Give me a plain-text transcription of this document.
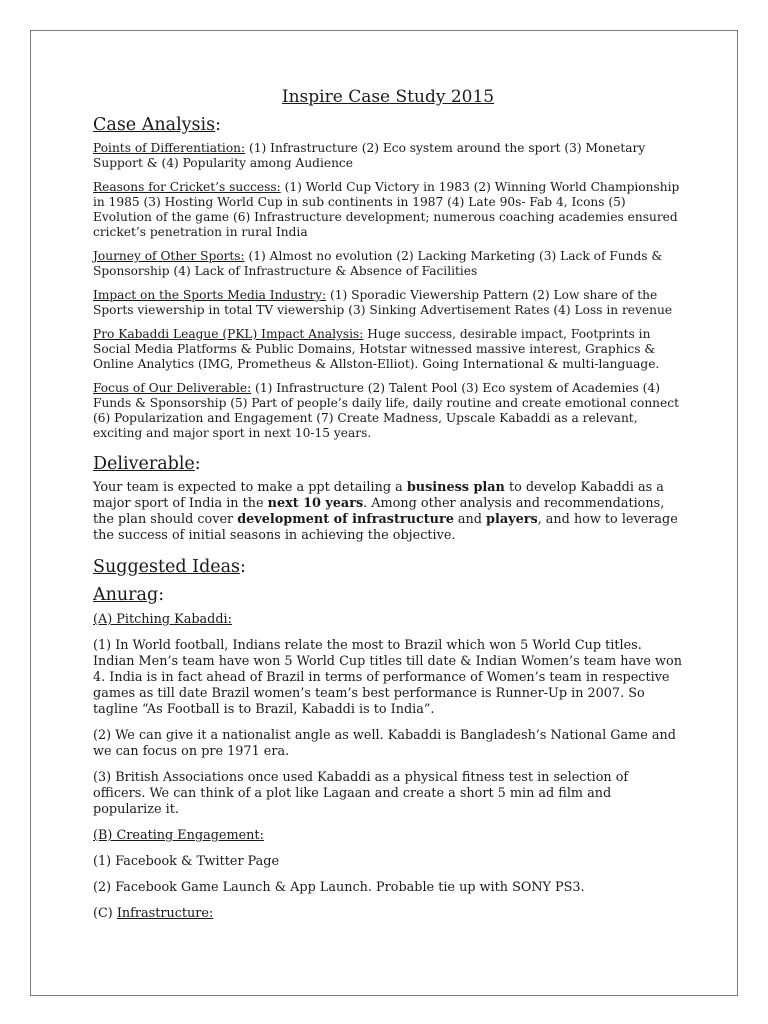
Inspire Case Study 2015
Case Analysis:

Points of Differentiation: (1) Infrastructure (2) Eco system around the sport (3) Monetary Support & (4) Popularity among Audience

Reasons for Cricket’s success: (1) World Cup Victory in 1983 (2) Winning World Championship in 1985 (3) Hosting World Cup in sub continents in 1987 (4) Late 90s- Fab 4, Icons (5) Evolution of the game (6) Infrastructure development; numerous coaching academies ensured cricket’s penetration in rural India

Journey of Other Sports: (1) Almost no evolution (2) Lacking Marketing (3) Lack of Funds & Sponsorship (4) Lack of Infrastructure & Absence of Facilities

Impact on the Sports Media Industry: (1) Sporadic Viewership Pattern (2) Low share of the Sports viewership in total TV viewership (3) Sinking Advertisement Rates (4) Loss in revenue

Pro Kabaddi League (PKL) Impact Analysis: Huge success, desirable impact, Footprints in Social Media Platforms & Public Domains, Hotstar witnessed massive interest, Graphics & Online Analytics (IMG, Prometheus & Allston-Elliot). Going International & multi-language.

Focus of Our Deliverable: (1) Infrastructure (2) Talent Pool (3) Eco system of Academies (4) Funds & Sponsorship (5) Part of people’s daily life, daily routine and create emotional connect (6) Popularization and Engagement (7) Create Madness, Upscale Kabaddi as a relevant, exciting and major sport in next 10-15 years.

Deliverable:

Your team is expected to make a ppt detailing a business plan to develop Kabaddi as a major sport of India in the next 10 years. Among other analysis and recommendations, the plan should cover development of infrastructure and players, and how to leverage the success of initial seasons in achieving the objective.

Suggested Ideas:
Anurag:

(A) Pitching Kabaddi:

(1) In World football, Indians relate the most to Brazil which won 5 World Cup titles. Indian Men’s team have won 5 World Cup titles till date & Indian Women’s team have won 4. India is in fact ahead of Brazil in terms of performance of Women’s team in respective games as till date Brazil women’s team’s best performance is Runner-Up in 2007. So tagline “As Football is to Brazil, Kabaddi is to India”.

(2) We can give it a nationalist angle as well. Kabaddi is Bangladesh’s National Game and we can focus on pre 1971 era.

(3) British Associations once used Kabaddi as a physical fitness test in selection of officers. We can think of a plot like Lagaan and create a short 5 min ad film and popularize it.

(B) Creating Engagement:

(1) Facebook & Twitter Page

(2) Facebook Game Launch & App Launch. Probable tie up with SONY PS3.

(C) Infrastructure:
